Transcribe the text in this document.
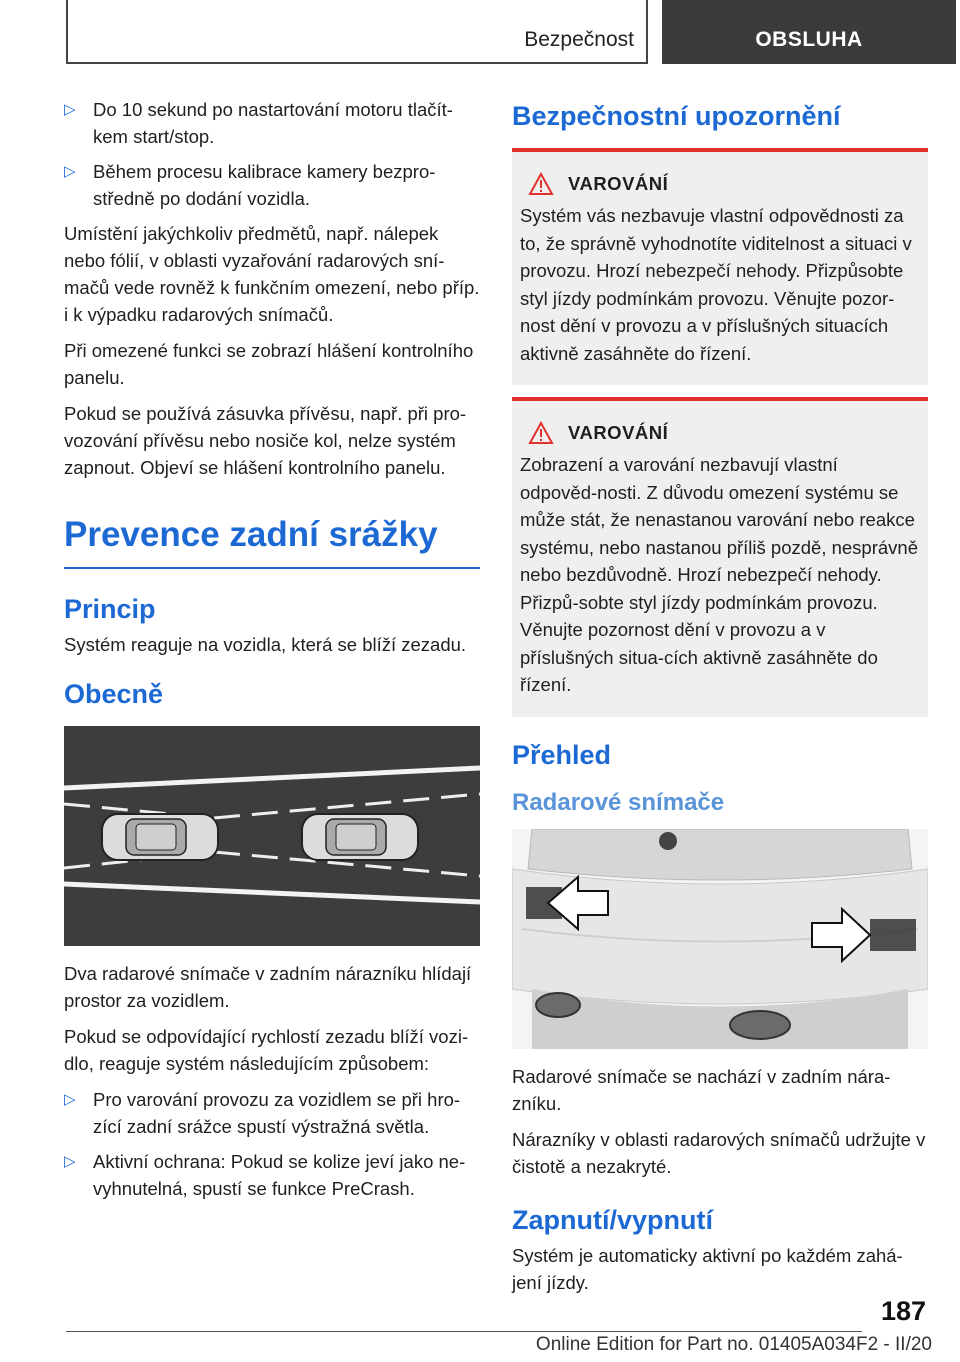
Bezpečnost	OBSLUHA

▷ Do 10 sekund po nastartování motoru tlačít-kem start/stop.

▷ Během procesu kalibrace kamery bezpro-středně po dodání vozidla.

Umístění jakýchkoliv předmětů, např. nálepek nebo fólií, v oblasti vyzařování radarových sní-mačů vede rovněž k funkčním omezení, nebo příp. i k výpadku radarových snímačů.

Při omezené funkci se zobrazí hlášení kontrolního panelu.

Pokud se používá zásuvka přívěsu, např. při pro-vozování přívěsu nebo nosiče kol, nelze systém zapnout. Objeví se hlášení kontrolního panelu.

Prevence zadní srážky
Princip

Systém reaguje na vozidla, která se blíží zezadu.

Obecně

Dva radarové snímače v zadním nárazníku hlídají prostor za vozidlem.

Pokud se odpovídající rychlostí zezadu blíží vozi-dlo, reaguje systém následujícím způsobem:

▷ Pro varování provozu za vozidlem se při hro-zící zadní srážce spustí výstražná světla.

▷ Aktivní ochrana: Pokud se kolize jeví jako ne-vyhnutelná, spustí se funkce PreCrash.

Bezpečnostní upozornění
VAROVÁNÍ

Systém vás nezbavuje vlastní odpovědnosti za to, že správně vyhodnotíte viditelnost a situaci v provozu. Hrozí nebezpečí nehody. Přizpůsobte styl jízdy podmínkám provozu. Věnujte pozor-nost dění v provozu a v příslušných situacích aktivně zasáhněte do řízení.

VAROVÁNÍ

Zobrazení a varování nezbavují vlastní odpověd-nosti. Z důvodu omezení systému se může stát, že nenastanou varování nebo reakce systému, nebo nastanou příliš pozdě, nesprávně nebo bezdůvodně. Hrozí nebezpečí nehody. Přizpů-sobte styl jízdy podmínkám provozu. Věnujte pozornost dění v provozu a v příslušných situa-cích aktivně zasáhněte do řízení.

Přehled
Radarové snímače

Radarové snímače se nachází v zadním nára-zníku.

Nárazníky v oblasti radarových snímačů udržujte v čistotě a nezakryté.

Zapnutí/vypnutí

Systém je automaticky aktivní po každém zahá-jení jízdy.

187
Online Edition for Part no. 01405A034F2 - II/20
